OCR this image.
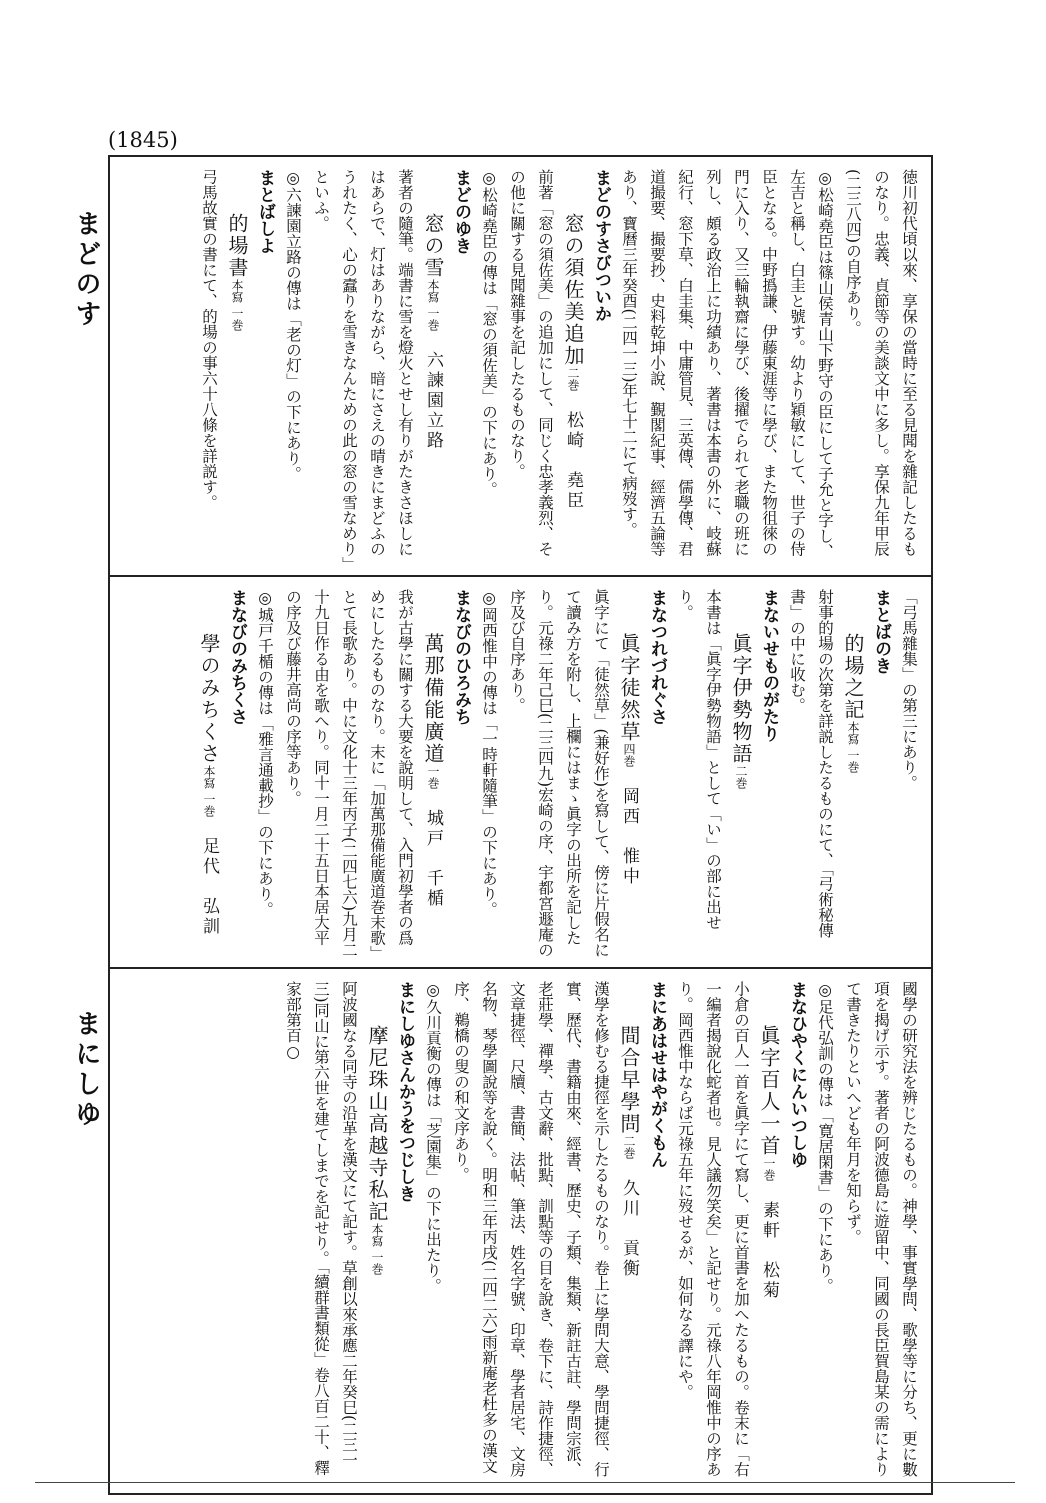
(1845)
まどのす
まにしゆ
徳川初代頃以來、享保の當時に至る見聞を雜記したるものなり。忠義、貞節等の美談文中に多し。享保九年甲辰(二三八四)の自序あり。
◎松崎堯臣は篠山侯青山下野守の臣にして子允と字し、左吉と稱し、白圭と號す。幼より穎敏にして、世子の侍臣となる。中野撝謙、伊藤東涯等に學び、また物徂徠の門に入り、又三輪執齋に學び、後擢でられて老職の班に列し、頗る政治上に功績あり、著書は本書の外に、岐蘇紀行、窓下草、白圭集、中庸管見、三英傳、儒學傳、君道撮要、撮要抄、史料乾坤小說、覲閣紀事、經濟五論等あり、寶曆三年癸酉(二四一三)年七十二にて病歿す。
まどのすさびついか
窓の須佐美追加二巻松崎　堯臣
前著「窓の須佐美」の追加にして、同じく忠孝義烈、その他に關する見聞雜事を記したるものなり。
◎松崎堯臣の傳は「窓の須佐美」の下にあり。
まどのゆき
窓の雪本寫 一巻六諫園立路
著者の隨筆。端書に雪を燈火とせし有りがたきさほしにはあらで、灯はありながら、暗にさえの晴きにまどふのうれたく、心の蠧りを雪きなんための此の窓の雪なめり」といふ。
◎六諫園立路の傳は「老の灯」の下にあり。
まとばしよ
的場書本寫 一巻
弓馬故實の書にて、的場の事六十八條を詳説す。
「弓馬雜集」の第三にあり。
まとばのき
的場之記本寫 一巻
射事的場の次第を詳説したるものにて、「弓術秘傳書」の中に收む。
まないせものがたり
眞字伊勢物語二巻
本書は「眞字伊勢物語」として「い」の部に出せり。
まなつれづれぐさ
眞字徒然草四巻岡西　惟中
眞字にて「徒然草」(兼好作)を寫して、傍に片假名にて讀み方を附し、上欄にはまゝ眞字の出所を記したり。元祿二年己巳(二三四九)宏崎の序、宇都宮遯庵の序及び自序あり。
◎岡西惟中の傳は「一時軒隨筆」の下にあり。
まなびのひろみち
萬那備能廣道一巻城戸　千楯
我が古學に關する大要を說明して、入門初學者の爲めにしたるものなり。末に「加萬那備能廣道巻末歌」とて長歌あり。中に文化十三年丙子(二四七六)九月二十九日作る由を歌へり。同十一月二十五日本居大平の序及び藤井高尚の序等あり。
◎城戸千楯の傳は「雅言通載抄」の下にあり。
まなびのみちくさ
學のみちくさ本寫 一巻足代　弘訓
國學の研究法を辨じたるもの。神學、事實學問、歌學等に分ち、更に數項を揭げ示す。著者の阿波德島に遊留中、同國の長臣賀島某の需によりて書きたりといへども年月を知らず。
◎足代弘訓の傳は「寛居閑書」の下にあり。
まなひやくにんいつしゆ
眞字百人一首一巻素軒　松菊
小倉の百人一首を眞字にて寫し、更に首書を加へたるもの。卷末に「右一編者揭說化蛇者也。見人議勿笑矣」と記せり。元祿八年岡惟中の序あり。岡西惟中ならば元祿五年に歿せるが、如何なる譯にや。
まにあはせはやがくもん
間合早學問二巻久川　貢衡
漢學を修むる捷徑を示したるものなり。卷上に學問大意、學問捷徑、行實、歷代、書籍由來、經書、歷史、子類、集類、新註古註、學問宗派、老莊學、禪學、古文辭、批點、訓點等の目を說き、卷下に、詩作捷徑、文章捷徑、尺牘、書簡、法帖、筆法、姓名字號、印章、學者居宅、文房名物、琴學圖說等を說く。明和三年丙戌(二四二六)雨新庵老杜多の漢文序、鵜橋の叟の和文序あり。
◎久川貢衡の傳は「芝園集」の下に出たり。
まにしゆさんかうをつじしき
摩尼珠山高越寺私記本寫 一巻
阿波國なる同寺の沿革を漢文にて記す。草創以來承應二年癸巳(二三一三)同山に第六世を建てしまでを記せり。「續群書類從」卷八百二十、釋家部第百○
